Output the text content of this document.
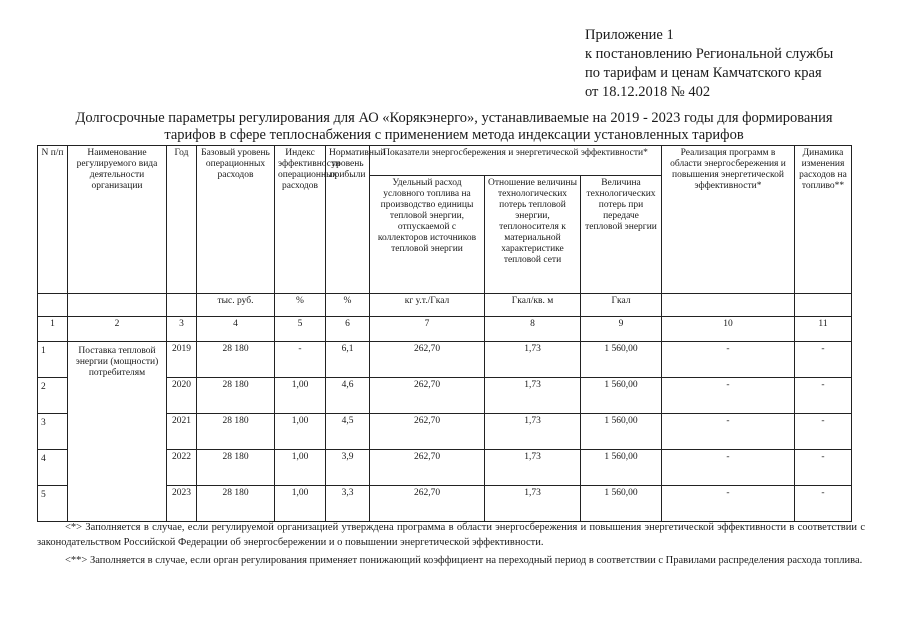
Приложение 1
к постановлению Региональной службы
по тарифам и ценам Камчатского края
от 18.12.2018 № 402
Долгосрочные параметры регулирования для АО «Корякэнерго», устанавливаемые на 2019 - 2023 годы для формирования
тарифов в сфере теплоснабжения с применением метода индексации установленных тарифов
N п/п	Наименование регулируемого вида деятельности организации	Год	Базовый уровень операционных расходов	Индекс эффективности операционных расходов	Нормативный уровень прибыли	Показатели энергосбережения и энергетической эффективности*			Реализация программ в области энергосбережения и повышения энергетической эффективности*	Динамика изменения расходов на топливо**
						Удельный расход условного топлива на производство единицы тепловой энергии, отпускаемой с коллекторов источников тепловой энергии	Отношение величины технологических потерь тепловой энергии, теплоносителя к материальной характеристике тепловой сети	Величина технологических потерь при передаче тепловой энергии		
			тыс. руб.	%	%	кг у.т./Гкал	Гкал/кв. м	Гкал		
1	2	3	4	5	6	7	8	9	10	11
1	Поставка тепловой энергии (мощности) потребителям	2019	28 180	-	6,1	262,70	1,73	1 560,00	-	-
2		2020	28 180	1,00	4,6	262,70	1,73	1 560,00	-	-
3		2021	28 180	1,00	4,5	262,70	1,73	1 560,00	-	-
4		2022	28 180	1,00	3,9	262,70	1,73	1 560,00	-	-
5		2023	28 180	1,00	3,3	262,70	1,73	1 560,00	-	-

<*> Заполняется в случае, если регулируемой организацией утверждена программа в области энергосбережения и повышения энергетической эффективности в соответствии с законодательством Российской Федерации об энергосбережении и о повышении энергетической эффективности.

<**> Заполняется в случае, если орган регулирования применяет понижающий коэффициент на переходный период в соответствии с Правилами распределения расхода топлива.
